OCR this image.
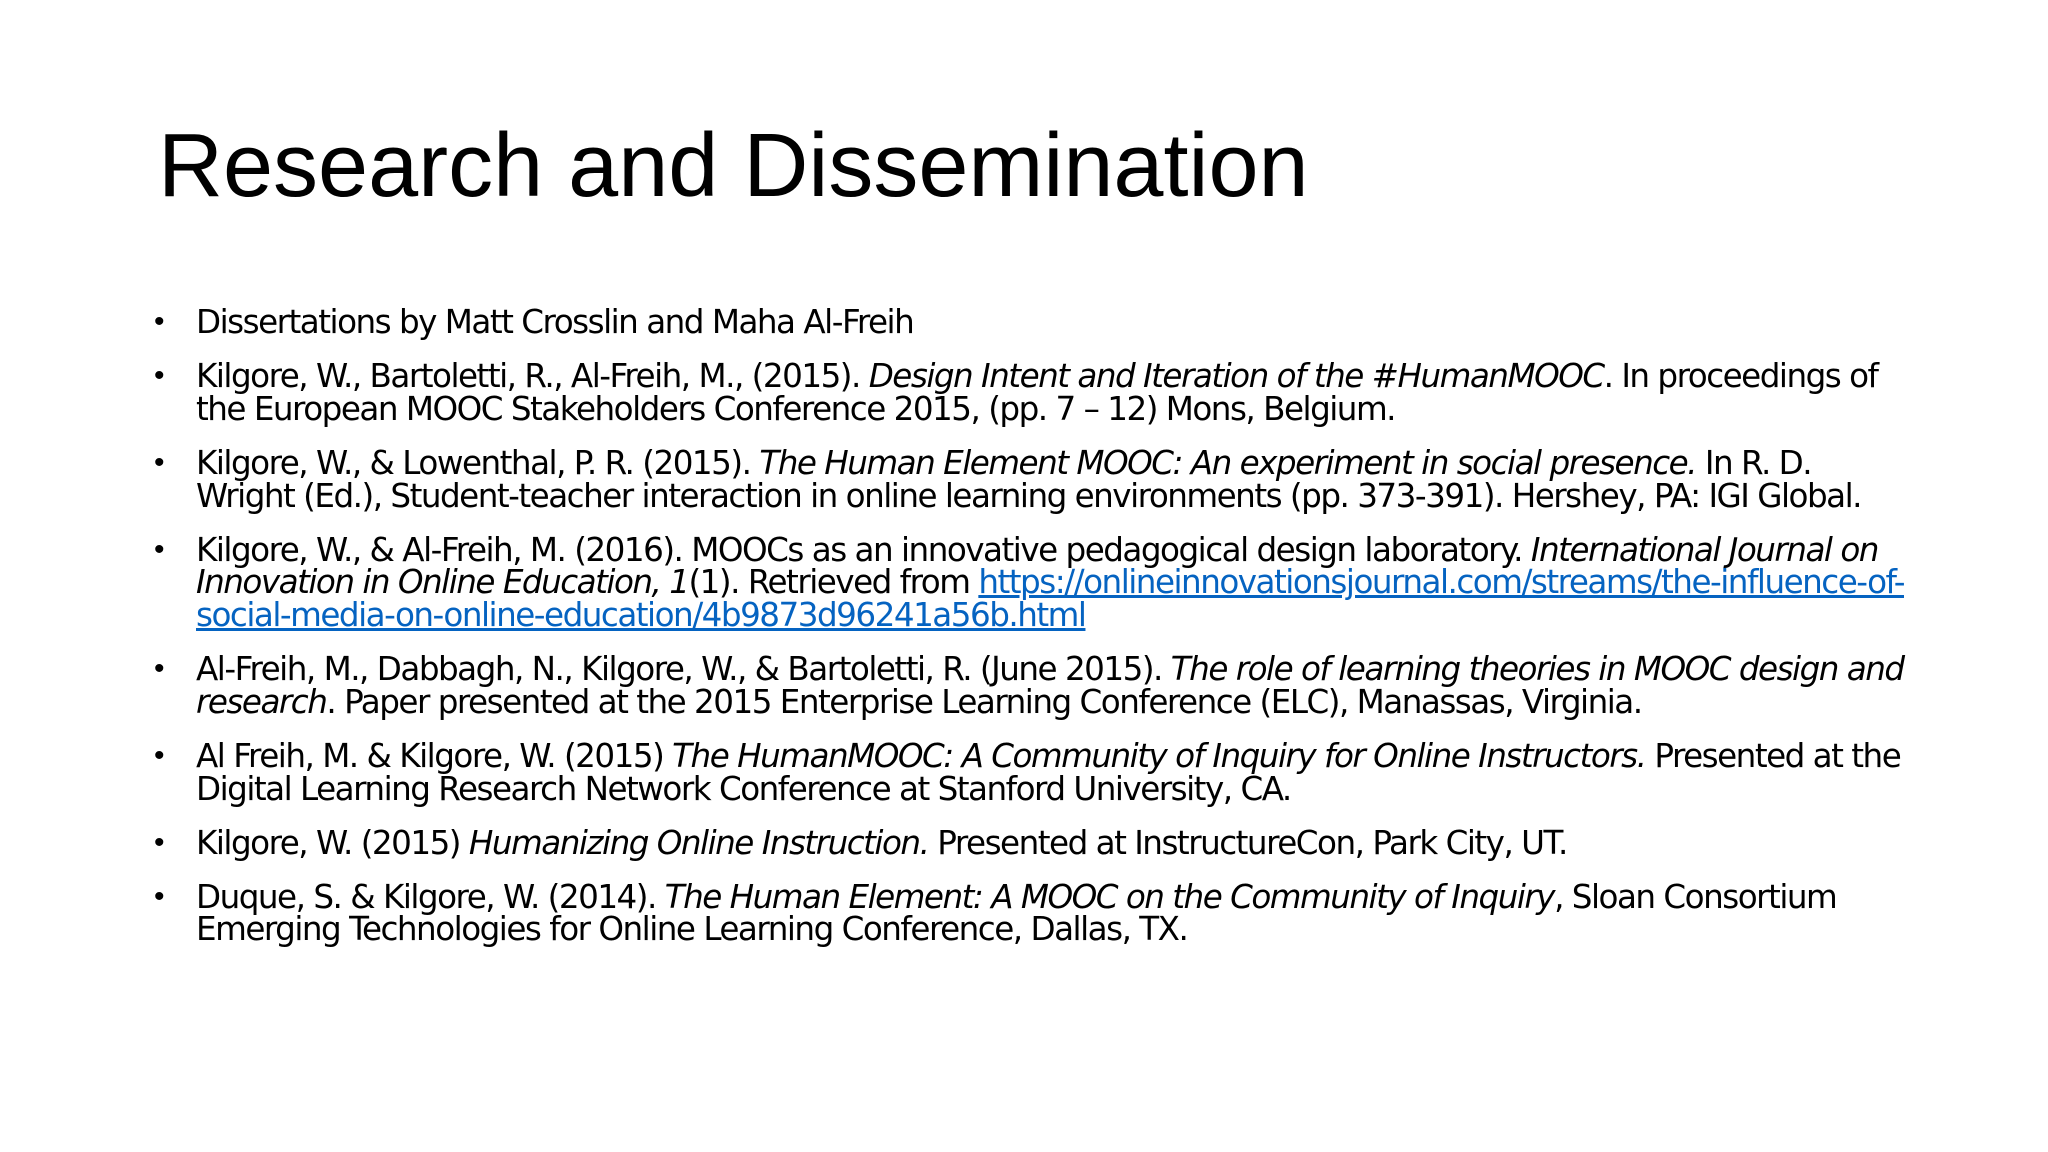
Research and Dissemination
• Dissertations by Matt Crosslin and Maha Al-Freih
• Kilgore, W., Bartoletti, R., Al-Freih, M., (2015). Design Intent and Iteration of the #HumanMOOC. In proceedings of the European MOOC Stakeholders Conference 2015, (pp. 7 – 12) Mons, Belgium.
• Kilgore, W., & Lowenthal, P. R. (2015). The Human Element MOOC: An experiment in social presence. In R. D. Wright (Ed.), Student-teacher interaction in online learning environments (pp. 373-391). Hershey, PA: IGI Global.
• Kilgore, W., & Al-Freih, M. (2016). MOOCs as an innovative pedagogical design laboratory. International Journal on Innovation in Online Education, 1(1). Retrieved from https://onlineinnovationsjournal.com/streams/the-influence-of-social-media-on-online-education/4b9873d96241a56b.html
• Al-Freih, M., Dabbagh, N., Kilgore, W., & Bartoletti, R. (June 2015). The role of learning theories in MOOC design and research. Paper presented at the 2015 Enterprise Learning Conference (ELC), Manassas, Virginia.
• Al Freih, M. & Kilgore, W. (2015) The HumanMOOC: A Community of Inquiry for Online Instructors. Presented at the Digital Learning Research Network Conference at Stanford University, CA.
• Kilgore, W. (2015) Humanizing Online Instruction. Presented at InstructureCon, Park City, UT.
• Duque, S. & Kilgore, W. (2014). The Human Element: A MOOC on the Community of Inquiry, Sloan Consortium Emerging Technologies for Online Learning Conference, Dallas, TX.
